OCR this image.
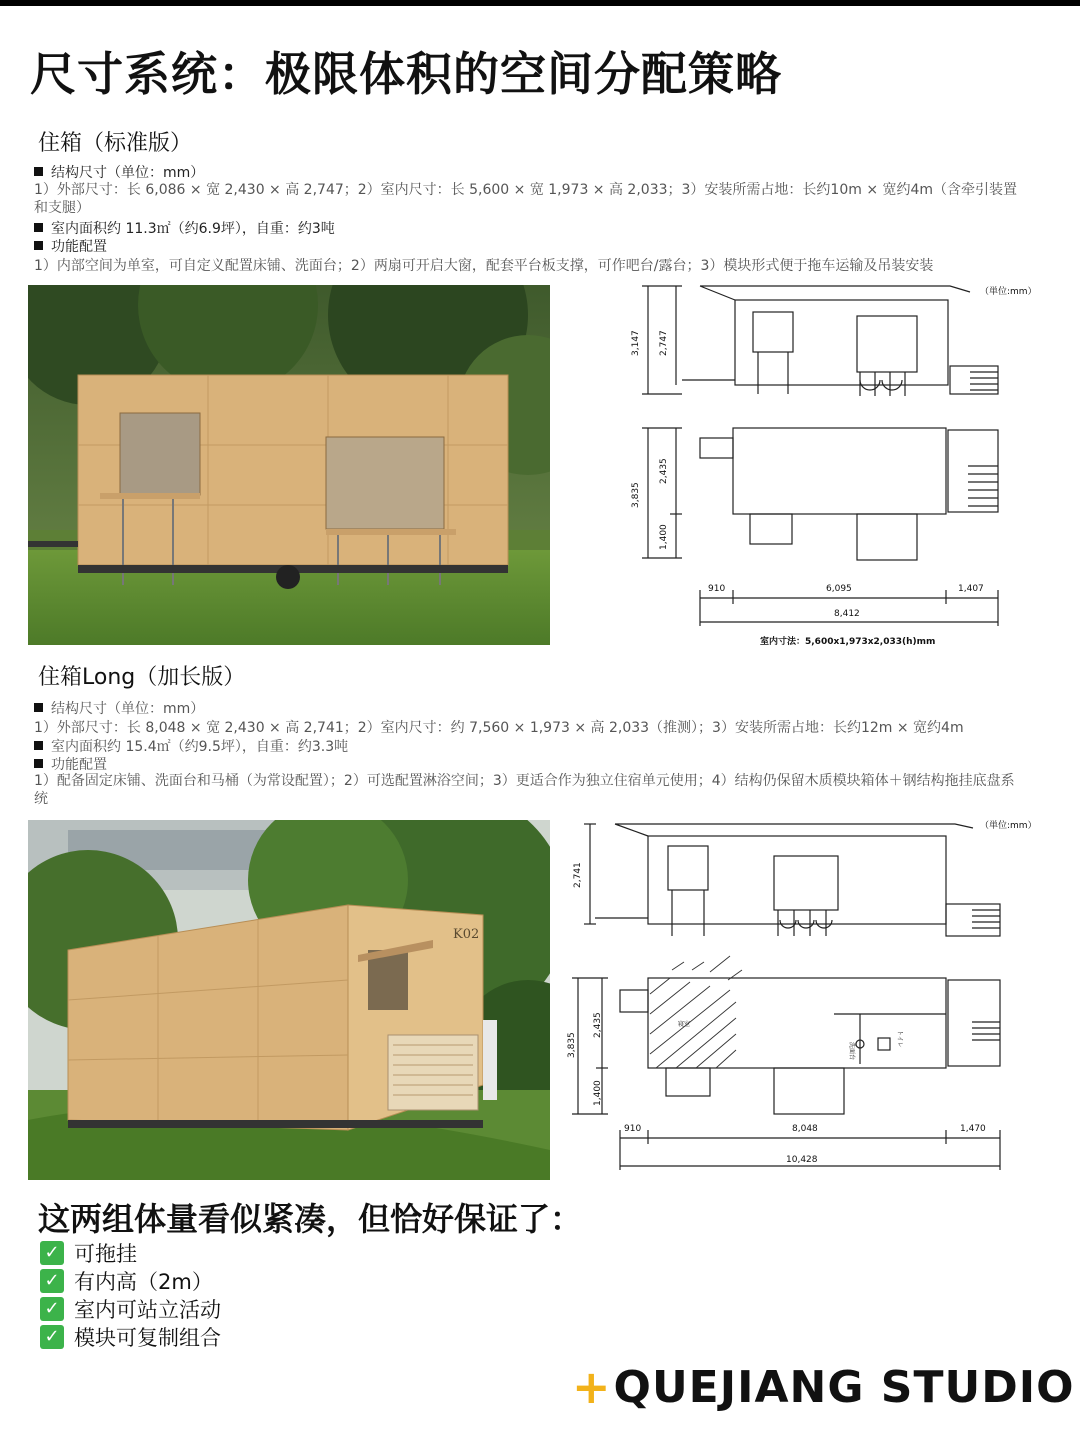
尺寸系统：极限体积的空间分配策略
住箱（标准版）
结构尺寸（单位：mm）
1）外部尺寸：长 6,086 × 宽 2,430 × 高 2,747；2）室内尺寸：长 5,600 × 宽 1,973 × 高 2,033；3）安装所需占地：长约10m × 宽约4m（含牵引装置和支腿）
室内面积约 11.3㎡（约6.9坪），自重：约3吨
功能配置
1）内部空间为单室，可自定义配置床铺、洗面台；2）两扇可开启大窗，配套平台板支撑，可作吧台/露台；3）模块形式便于拖车运输及吊装安装
（単位:mm）
3,147 2,747
3,835
2,435
1,400
910	6,095	1,407
8,412
室内寸法：5,600x1,973x2,033(h)mm
住箱Long（加长版）
结构尺寸（单位：mm）
1）外部尺寸：长 8,048 × 宽 2,430 × 高 2,741；2）室内尺寸：约 7,560 × 1,973 × 高 2,033（推测）；3）安装所需占地：长约12m × 宽约4m
室内面积约 15.4㎡（约9.5坪），自重：约3.3吨
功能配置
1）配备固定床铺、洗面台和马桶（为常设配置）；2）可选配置淋浴空间；3）更适合作为独立住宿单元使用；4）结构仍保留木质模块箱体＋钢结构拖挂底盘系统
K02
（単位:mm）
2,741
3,835
2,435
1,400
910	8,048	1,470
10,428
寝室
洗面台
トイレ
这两组体量看似紧凑，但恰好保证了：
✓ 可拖挂
✓ 有内高（2m）
✓ 室内可站立活动
✓ 模块可复制组合
+ QUEJIANG STUDIO
